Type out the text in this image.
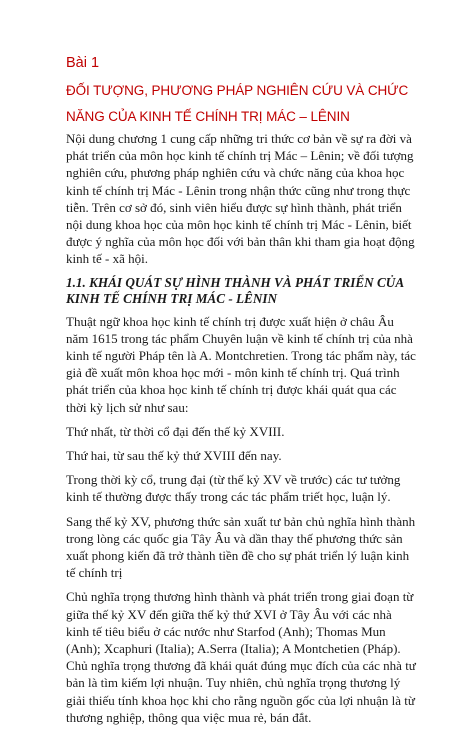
Bài 1

ĐỐI TƯỢNG, PHƯƠNG PHÁP NGHIÊN CỨU VÀ CHỨC

NĂNG CỦA KINH TẾ CHÍNH TRỊ MÁC – LÊNIN

Nội dung chương 1 cung cấp những tri thức cơ bản về sự ra đời và phát triển của môn học kinh tế chính trị Mác – Lênin; về đối tượng nghiên cứu, phương pháp nghiên cứu và chức năng của khoa học kinh tế chính trị Mác - Lênin trong nhận thức cũng như trong thực tiễn. Trên cơ sở đó, sinh viên hiểu được sự hình thành, phát triển nội dung khoa học của môn học kinh tế chính trị Mác - Lênin, biết được ý nghĩa của môn học đối với bản thân khi tham gia hoạt động kinh tế - xã hội.

1.1. KHÁI QUÁT SỰ HÌNH THÀNH VÀ PHÁT TRIỂN CỦA KINH TẾ CHÍNH TRỊ MÁC - LÊNIN

Thuật ngữ khoa học kinh tế chính trị được xuất hiện ở châu Âu năm 1615 trong tác phẩm Chuyên luận về kinh tế chính trị của nhà kinh tế người Pháp tên là A. Montchretien. Trong tác phẩm này, tác giả đề xuất môn khoa học mới - môn kinh tế chính trị. Quá trình phát triển của khoa học kinh tế chính trị được khái quát qua các thời kỳ lịch sử như sau:

Thứ nhất, từ thời cổ đại đến thế kỷ XVIII.

Thứ hai, từ sau thế kỷ thứ XVIII đến nay.

Trong thời kỳ cổ, trung đại (từ thế kỷ XV về trước) các tư tưởng kinh tế thường được thấy trong các tác phẩm triết học, luận lý.

Sang thế kỷ XV, phương thức sản xuất tư bản chủ nghĩa hình thành trong lòng các quốc gia Tây Âu và dần thay thế phương thức sản xuất phong kiến đã trở thành tiền đề cho sự phát triển lý luận kinh tế chính trị

Chủ nghĩa trọng thương hình thành và phát triển trong giai đoạn từ giữa thế kỷ XV đến giữa thế kỷ thứ XVI ở Tây Âu với các nhà kinh tế tiêu biểu ở các nước như Starfod (Anh); Thomas Mun (Anh); Xcaphuri (Italia); A.Serra (Italia); A Montchetien (Pháp). Chủ nghĩa trọng thương đã khái quát đúng mục đích của các nhà tư bản là tìm kiếm lợi nhuận. Tuy nhiên, chủ nghĩa trọng thương lý giải thiếu tính khoa học khi cho rằng nguồn gốc của lợi nhuận là từ thương nghiệp, thông qua việc mua rẻ, bán đắt.
